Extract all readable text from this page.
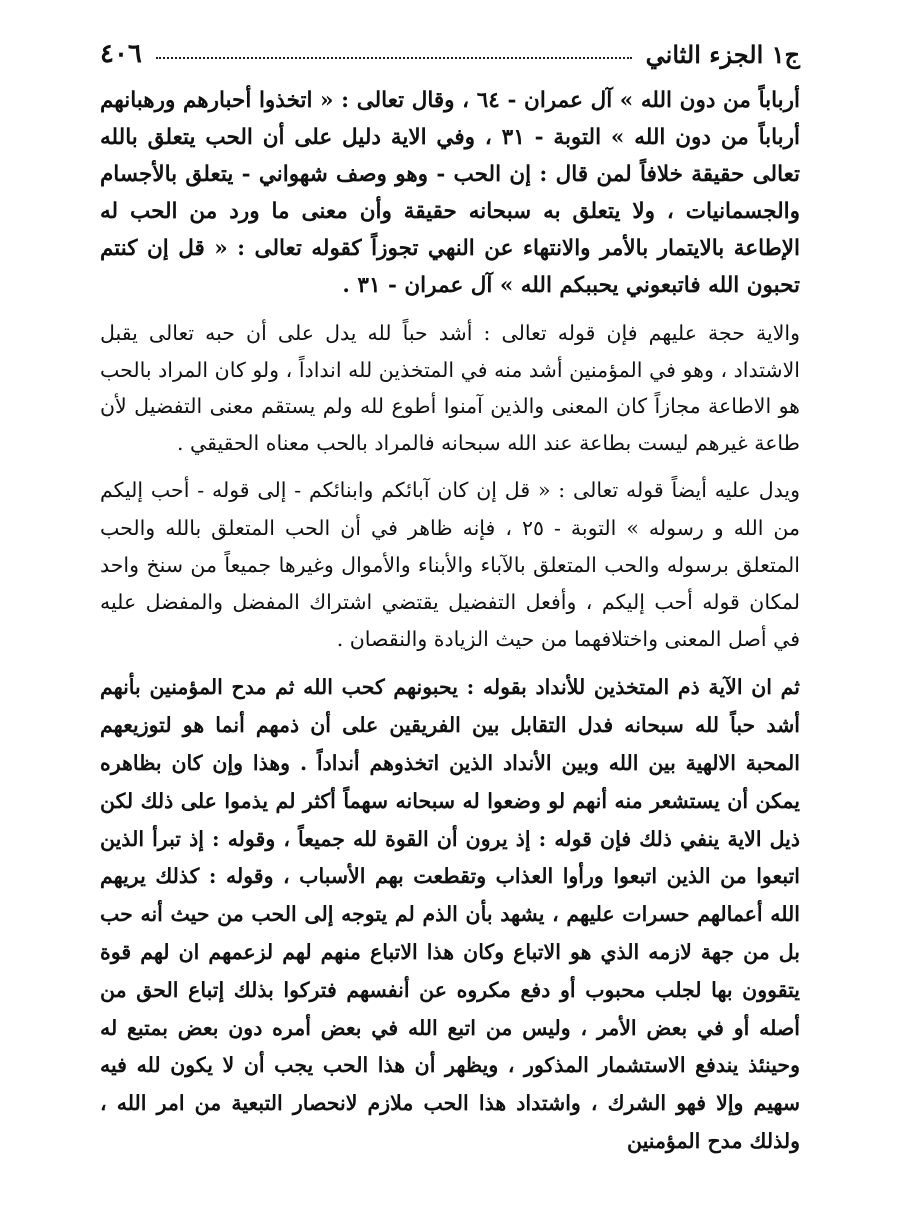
٤٠٦	ج١ الجزء الثاني

أرباباً من دون الله » آل عمران - ٦٤ ، وقال تعالى : « اتخذوا أحبارهم ورهبانهم أرباباً من دون الله » التوبة - ٣١ ، وفي الاية دليل على أن الحب يتعلق بالله تعالى حقيقة خلافاً لمن قال : إن الحب - وهو وصف شهواني - يتعلق بالأجسام والجسمانيات ، ولا يتعلق به سبحانه حقيقة وأن معنى ما ورد من الحب له الإطاعة بالايتمار بالأمر والانتهاء عن النهي تجوزاً كقوله تعالى : « قل إن كنتم تحبون الله فاتبعوني يحببكم الله » آل عمران - ٣١ .

والاية حجة عليهم فإن قوله تعالى : أشد حباً لله يدل على أن حبه تعالى يقبل الاشتداد ، وهو في المؤمنين أشد منه في المتخذين لله انداداً ، ولو كان المراد بالحب هو الاطاعة مجازاً كان المعنى والذين آمنوا أطوع لله ولم يستقم معنى التفضيل لأن طاعة غيرهم ليست بطاعة عند الله سبحانه فالمراد بالحب معناه الحقيقي .

ويدل عليه أيضاً قوله تعالى : « قل إن كان آبائكم وابنائكم - إلى قوله - أحب إليكم من الله و رسوله » التوبة - ٢٥ ، فإنه ظاهر في أن الحب المتعلق بالله والحب المتعلق برسوله والحب المتعلق بالآباء والأبناء والأموال وغيرها جميعاً من سنخ واحد لمكان قوله أحب إليكم ، وأفعل التفضيل يقتضي اشتراك المفضل والمفضل عليه في أصل المعنى واختلافهما من حيث الزيادة والنقصان .

ثم ان الآية ذم المتخذين للأنداد بقوله : يحبونهم كحب الله ثم مدح المؤمنين بأنهم أشد حباً لله سبحانه فدل التقابل بين الفريقين على أن ذمهم أنما هو لتوزيعهم المحبة الالهية بين الله وبين الأنداد الذين اتخذوهم أنداداً . وهذا وإن كان بظاهره يمكن أن يستشعر منه أنهم لو وضعوا له سبحانه سهماً أكثر لم يذموا على ذلك لكن ذيل الاية ينفي ذلك فإن قوله : إذ يرون أن القوة لله جميعاً ، وقوله : إذ تبرأ الذين اتبعوا من الذين اتبعوا ورأوا العذاب وتقطعت بهم الأسباب ، وقوله : كذلك يريهم الله أعمالهم حسرات عليهم ، يشهد بأن الذم لم يتوجه إلى الحب من حيث أنه حب بل من جهة لازمه الذي هو الاتباع وكان هذا الاتباع منهم لهم لزعمهم ان لهم قوة يتقوون بها لجلب محبوب أو دفع مكروه عن أنفسهم فتركوا بذلك إتباع الحق من أصله أو في بعض الأمر ، وليس من اتبع الله في بعض أمره دون بعض بمتبع له وحينئذ يندفع الاستشمار المذكور ، ويظهر أن هذا الحب يجب أن لا يكون لله فيه سهيم وإلا فهو الشرك ، واشتداد هذا الحب ملازم لانحصار التبعية من امر الله ، ولذلك مدح المؤمنين
